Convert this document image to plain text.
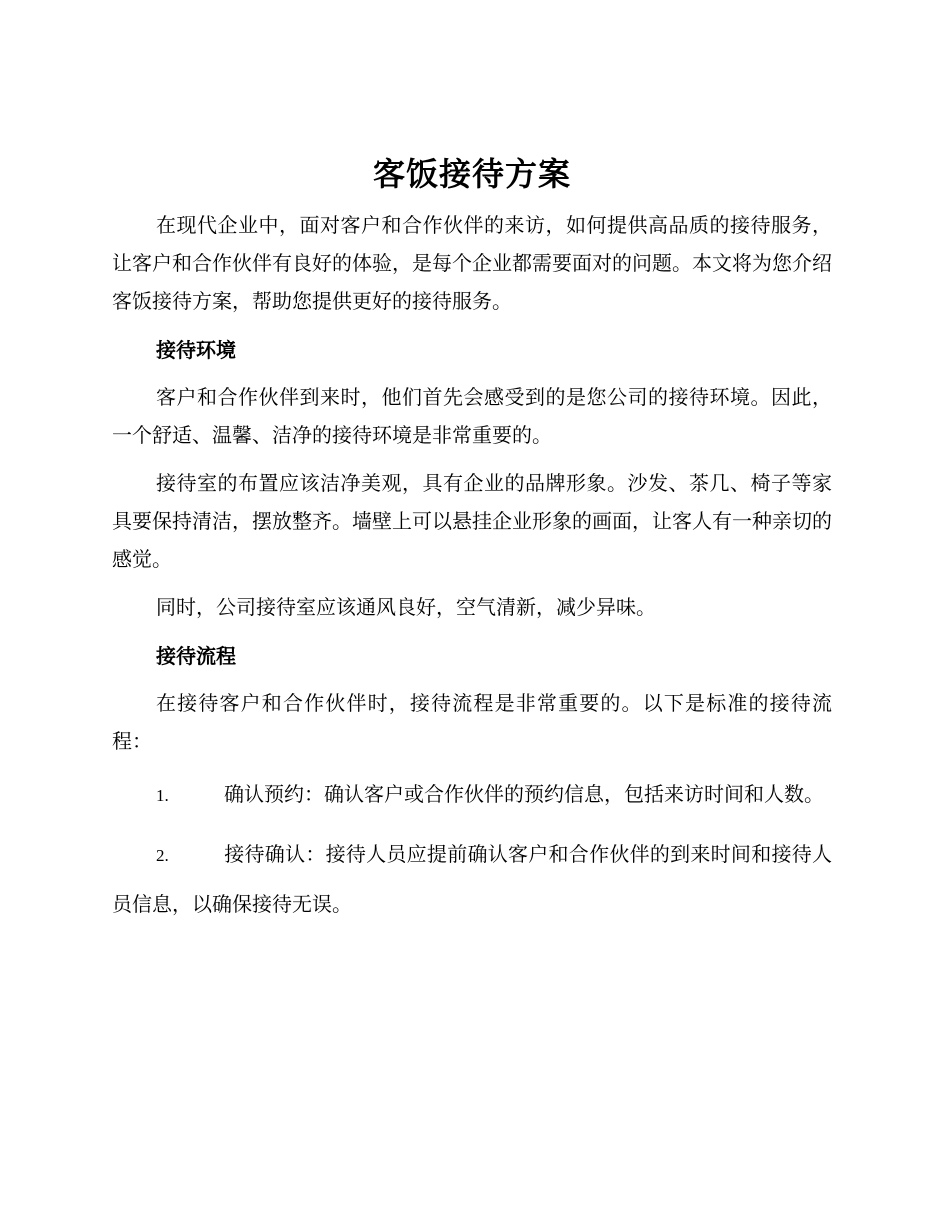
客饭接待方案

在现代企业中，面对客户和合作伙伴的来访，如何提供高品质的接待服务，让客户和合作伙伴有良好的体验，是每个企业都需要面对的问题。本文将为您介绍客饭接待方案，帮助您提供更好的接待服务。

接待环境

客户和合作伙伴到来时，他们首先会感受到的是您公司的接待环境。因此，一个舒适、温馨、洁净的接待环境是非常重要的。

接待室的布置应该洁净美观，具有企业的品牌形象。沙发、茶几、椅子等家具要保持清洁，摆放整齐。墙壁上可以悬挂企业形象的画面，让客人有一种亲切的感觉。

同时，公司接待室应该通风良好，空气清新，减少异味。

接待流程

在接待客户和合作伙伴时，接待流程是非常重要的。以下是标准的接待流程：

1.	确认预约：确认客户或合作伙伴的预约信息，包括来访时间和人数。

2.	接待确认：接待人员应提前确认客户和合作伙伴的到来时间和接待人员信息，以确保接待无误。
